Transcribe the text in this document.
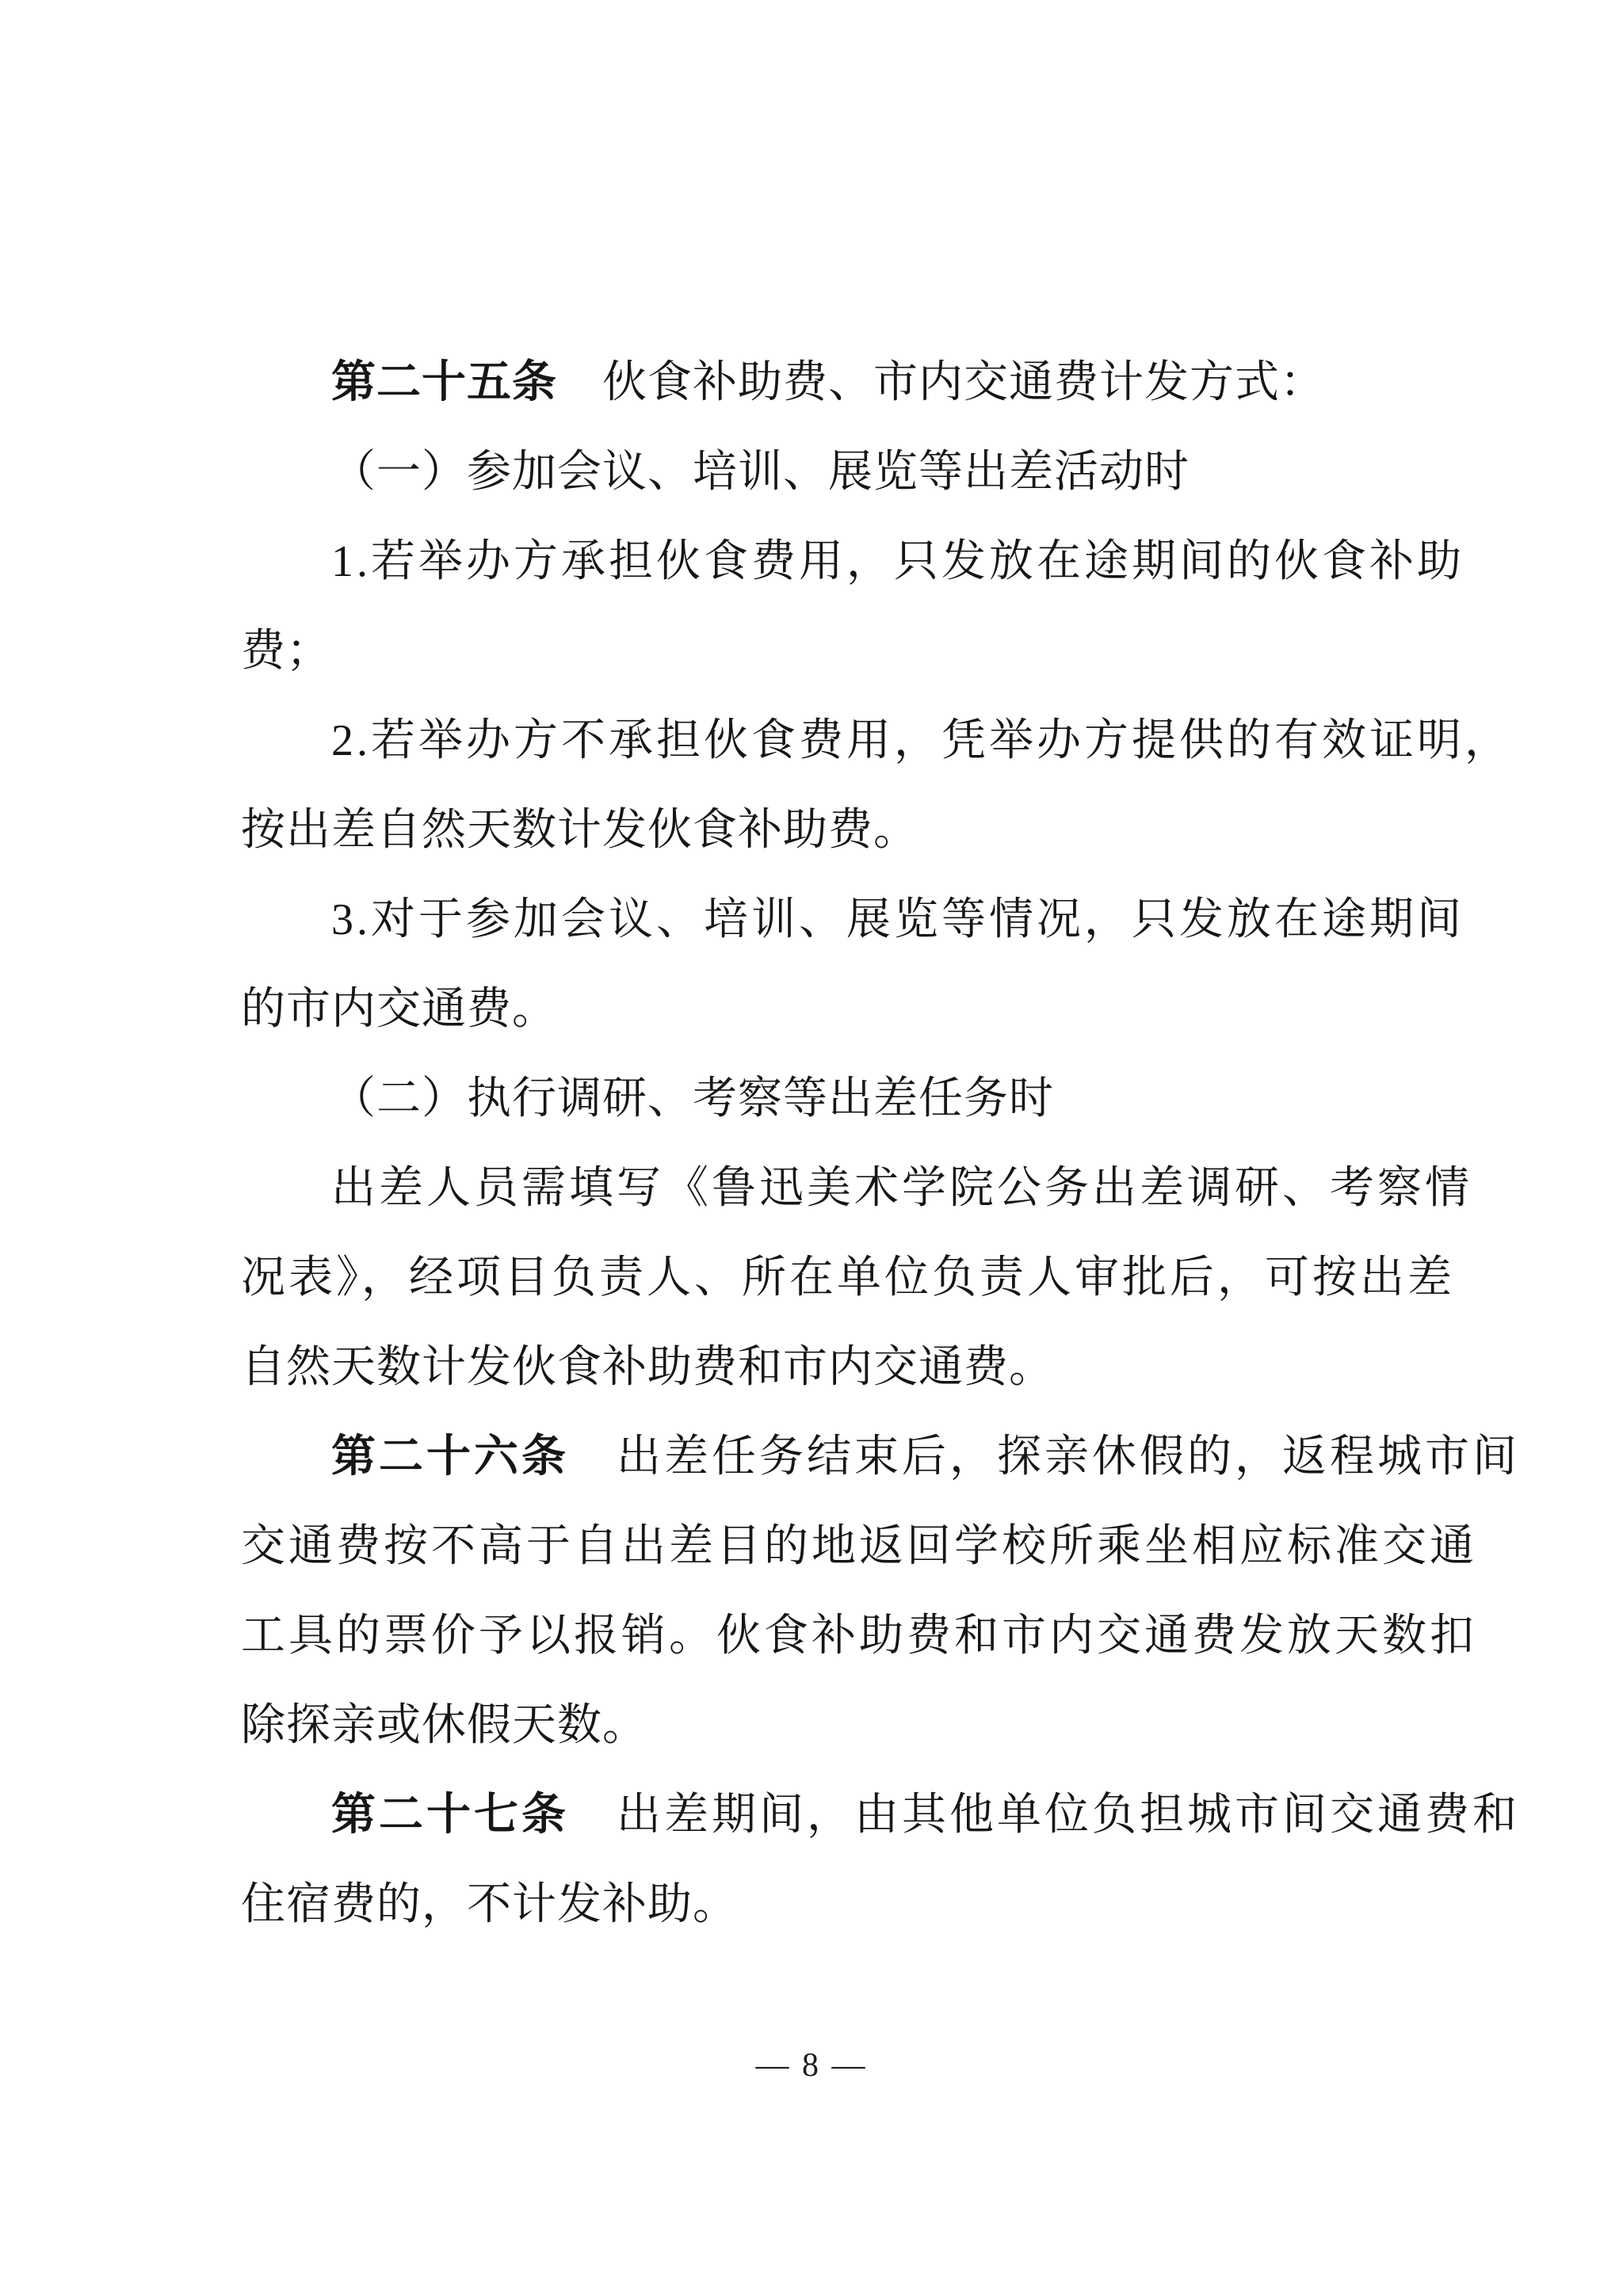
第二十五条　伙食补助费、市内交通费计发方式：
（一）参加会议、培训、展览等出差活动时
1.若举办方承担伙食费用，只发放在途期间的伙食补助
费；
2.若举办方不承担伙食费用，凭举办方提供的有效证明，
按出差自然天数计发伙食补助费。
3.对于参加会议、培训、展览等情况，只发放在途期间
的市内交通费。
（二）执行调研、考察等出差任务时
出差人员需填写《鲁迅美术学院公务出差调研、考察情
况表》，经项目负责人、所在单位负责人审批后，可按出差
自然天数计发伙食补助费和市内交通费。
第二十六条　出差任务结束后，探亲休假的，返程城市间
交通费按不高于自出差目的地返回学校所乘坐相应标准交通
工具的票价予以报销。伙食补助费和市内交通费发放天数扣
除探亲或休假天数。
第二十七条　出差期间，由其他单位负担城市间交通费和
住宿费的，不计发补助。
— 8 —
